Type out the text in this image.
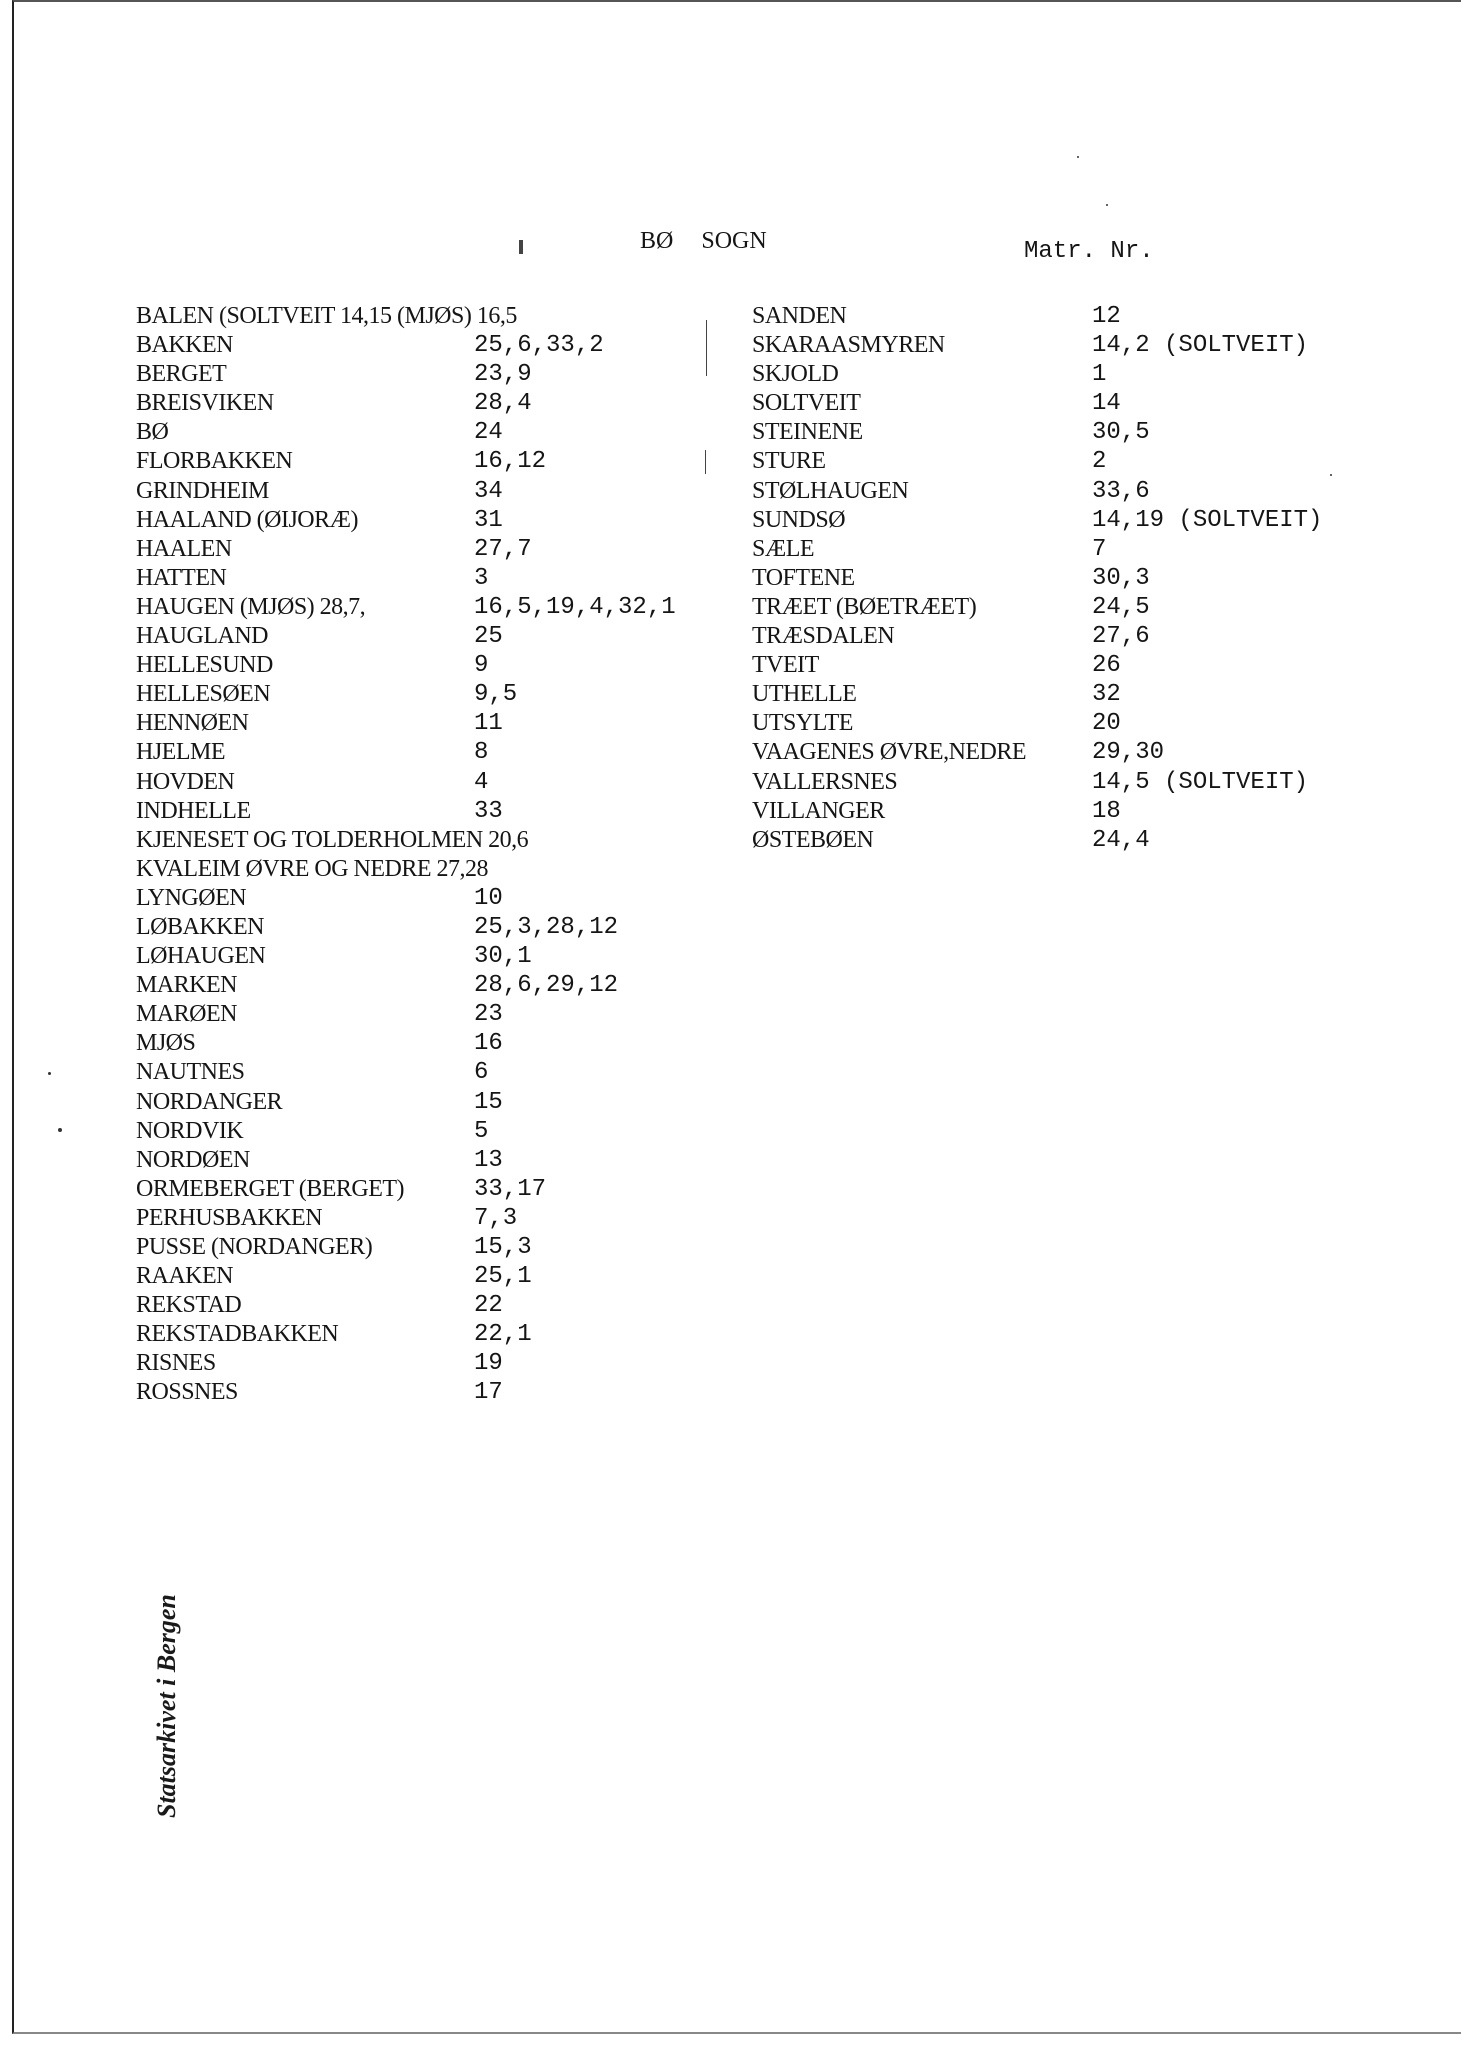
BØ SOGN	Matr. Nr.
BALEN (SOLTVEIT 14,15 (MJØS) 16,5
BAKKEN	25,6,33,2
BERGET	23,9
BREISVIKEN	28,4
BØ	24
FLORBAKKEN	16,12
GRINDHEIM	34
HAALAND (ØIJORÆ)	31
HAALEN	27,7
HATTEN	3
HAUGEN (MJØS) 28,7,	16,5,19,4,32,1
HAUGLAND	25
HELLESUND	9
HELLESØEN	9,5
HENNØEN	11
HJELME	8
HOVDEN	4
INDHELLE	33
KJENESET OG TOLDERHOLMEN 20,6
KVALEIM ØVRE OG NEDRE 27,28
LYNGØEN	10
LØBAKKEN	25,3,28,12
LØHAUGEN	30,1
MARKEN	28,6,29,12
MARØEN	23
MJØS	16
NAUTNES	6
NORDANGER	15
NORDVIK	5
NORDØEN	13
ORMEBERGET (BERGET)	33,17
PERHUSBAKKEN	7,3
PUSSE (NORDANGER)	15,3
RAAKEN	25,1
REKSTAD	22
REKSTADBAKKEN	22,1
RISNES	19
ROSSNES	17
SANDEN	12
SKARAASMYREN	14,2 (SOLTVEIT)
SKJOLD	1
SOLTVEIT	14
STEINENE	30,5
STURE	2
STØLHAUGEN	33,6
SUNDSØ	14,19 (SOLTVEIT)
SÆLE	7
TOFTENE	30,3
TRÆET (BØETRÆET)	24,5
TRÆSDALEN	27,6
TVEIT	26
UTHELLE	32
UTSYLTE	20
VAAGENES ØVRE,NEDRE	29,30
VALLERSNES	14,5 (SOLTVEIT)
VILLANGER	18
ØSTEBØEN	24,4
Statsarkivet i Bergen
